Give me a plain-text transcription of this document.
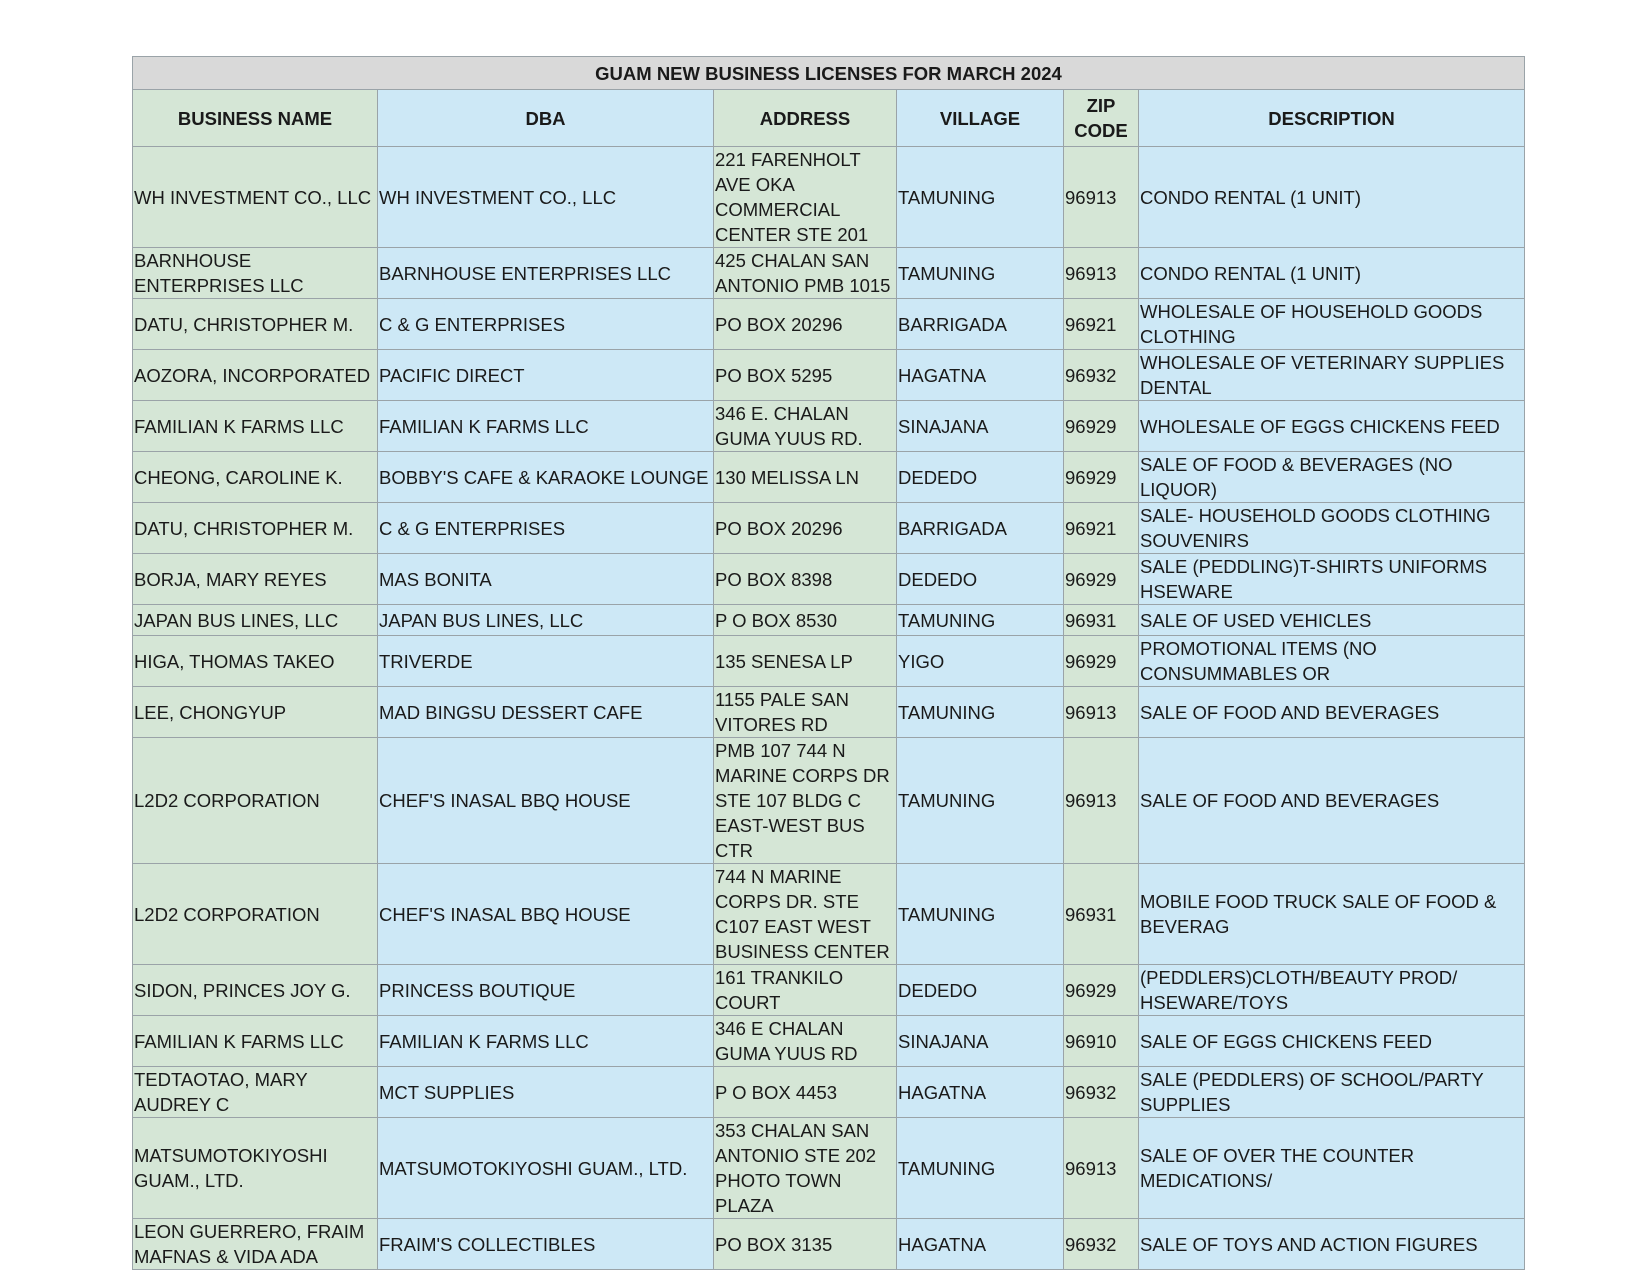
GUAM NEW BUSINESS LICENSES FOR MARCH 2024					
BUSINESS NAME	DBA	ADDRESS	VILLAGE	ZIP CODE	DESCRIPTION
WH INVESTMENT CO., LLC	WH INVESTMENT CO., LLC	221 FARENHOLT AVE OKA COMMERCIAL CENTER STE 201	TAMUNING	96913	CONDO RENTAL (1 UNIT)
BARNHOUSE ENTERPRISES LLC	BARNHOUSE ENTERPRISES LLC	425 CHALAN SAN ANTONIO PMB 1015	TAMUNING	96913	CONDO RENTAL (1 UNIT)
DATU, CHRISTOPHER M.	C & G ENTERPRISES	PO BOX 20296	BARRIGADA	96921	WHOLESALE OF HOUSEHOLD GOODS CLOTHING
AOZORA, INCORPORATED	PACIFIC DIRECT	PO BOX 5295	HAGATNA	96932	WHOLESALE OF VETERINARY SUPPLIES DENTAL
FAMILIAN K FARMS LLC	FAMILIAN K FARMS LLC	346 E. CHALAN GUMA YUUS RD.	SINAJANA	96929	WHOLESALE OF EGGS CHICKENS FEED
CHEONG, CAROLINE K.	BOBBY'S CAFE & KARAOKE LOUNGE	130 MELISSA LN	DEDEDO	96929	SALE OF FOOD & BEVERAGES (NO LIQUOR)
DATU, CHRISTOPHER M.	C & G ENTERPRISES	PO BOX 20296	BARRIGADA	96921	SALE- HOUSEHOLD GOODS CLOTHING SOUVENIRS
BORJA, MARY REYES	MAS BONITA	PO BOX 8398	DEDEDO	96929	SALE (PEDDLING)T-SHIRTS UNIFORMS HSEWARE
JAPAN BUS LINES, LLC	JAPAN BUS LINES, LLC	P O BOX 8530	TAMUNING	96931	SALE OF USED VEHICLES
HIGA, THOMAS TAKEO	TRIVERDE	135 SENESA LP	YIGO	96929	PROMOTIONAL ITEMS (NO CONSUMMABLES OR
LEE, CHONGYUP	MAD BINGSU DESSERT CAFE	1155 PALE SAN VITORES RD	TAMUNING	96913	SALE OF FOOD AND BEVERAGES
L2D2 CORPORATION	CHEF'S INASAL BBQ HOUSE	PMB 107 744 N MARINE CORPS DR STE 107 BLDG C EAST-WEST BUS CTR	TAMUNING	96913	SALE OF FOOD AND BEVERAGES
L2D2 CORPORATION	CHEF'S INASAL BBQ HOUSE	744 N MARINE CORPS DR. STE C107 EAST WEST BUSINESS CENTER	TAMUNING	96931	MOBILE FOOD TRUCK SALE OF FOOD & BEVERAG
SIDON, PRINCES JOY G.	PRINCESS BOUTIQUE	161 TRANKILO COURT	DEDEDO	96929	(PEDDLERS)CLOTH/BEAUTY PROD/ HSEWARE/TOYS
FAMILIAN K FARMS LLC	FAMILIAN K FARMS LLC	346 E CHALAN GUMA YUUS RD	SINAJANA	96910	SALE OF EGGS CHICKENS FEED
TEDTAOTAO, MARY AUDREY C	MCT SUPPLIES	P O BOX 4453	HAGATNA	96932	SALE (PEDDLERS) OF SCHOOL/PARTY SUPPLIES
MATSUMOTOKIYOSHI GUAM., LTD.	MATSUMOTOKIYOSHI GUAM., LTD.	353 CHALAN SAN ANTONIO STE 202 PHOTO TOWN PLAZA	TAMUNING	96913	SALE OF OVER THE COUNTER MEDICATIONS/
LEON GUERRERO, FRAIM MAFNAS & VIDA ADA	FRAIM'S COLLECTIBLES	PO BOX 3135	HAGATNA	96932	SALE OF TOYS AND ACTION FIGURES
